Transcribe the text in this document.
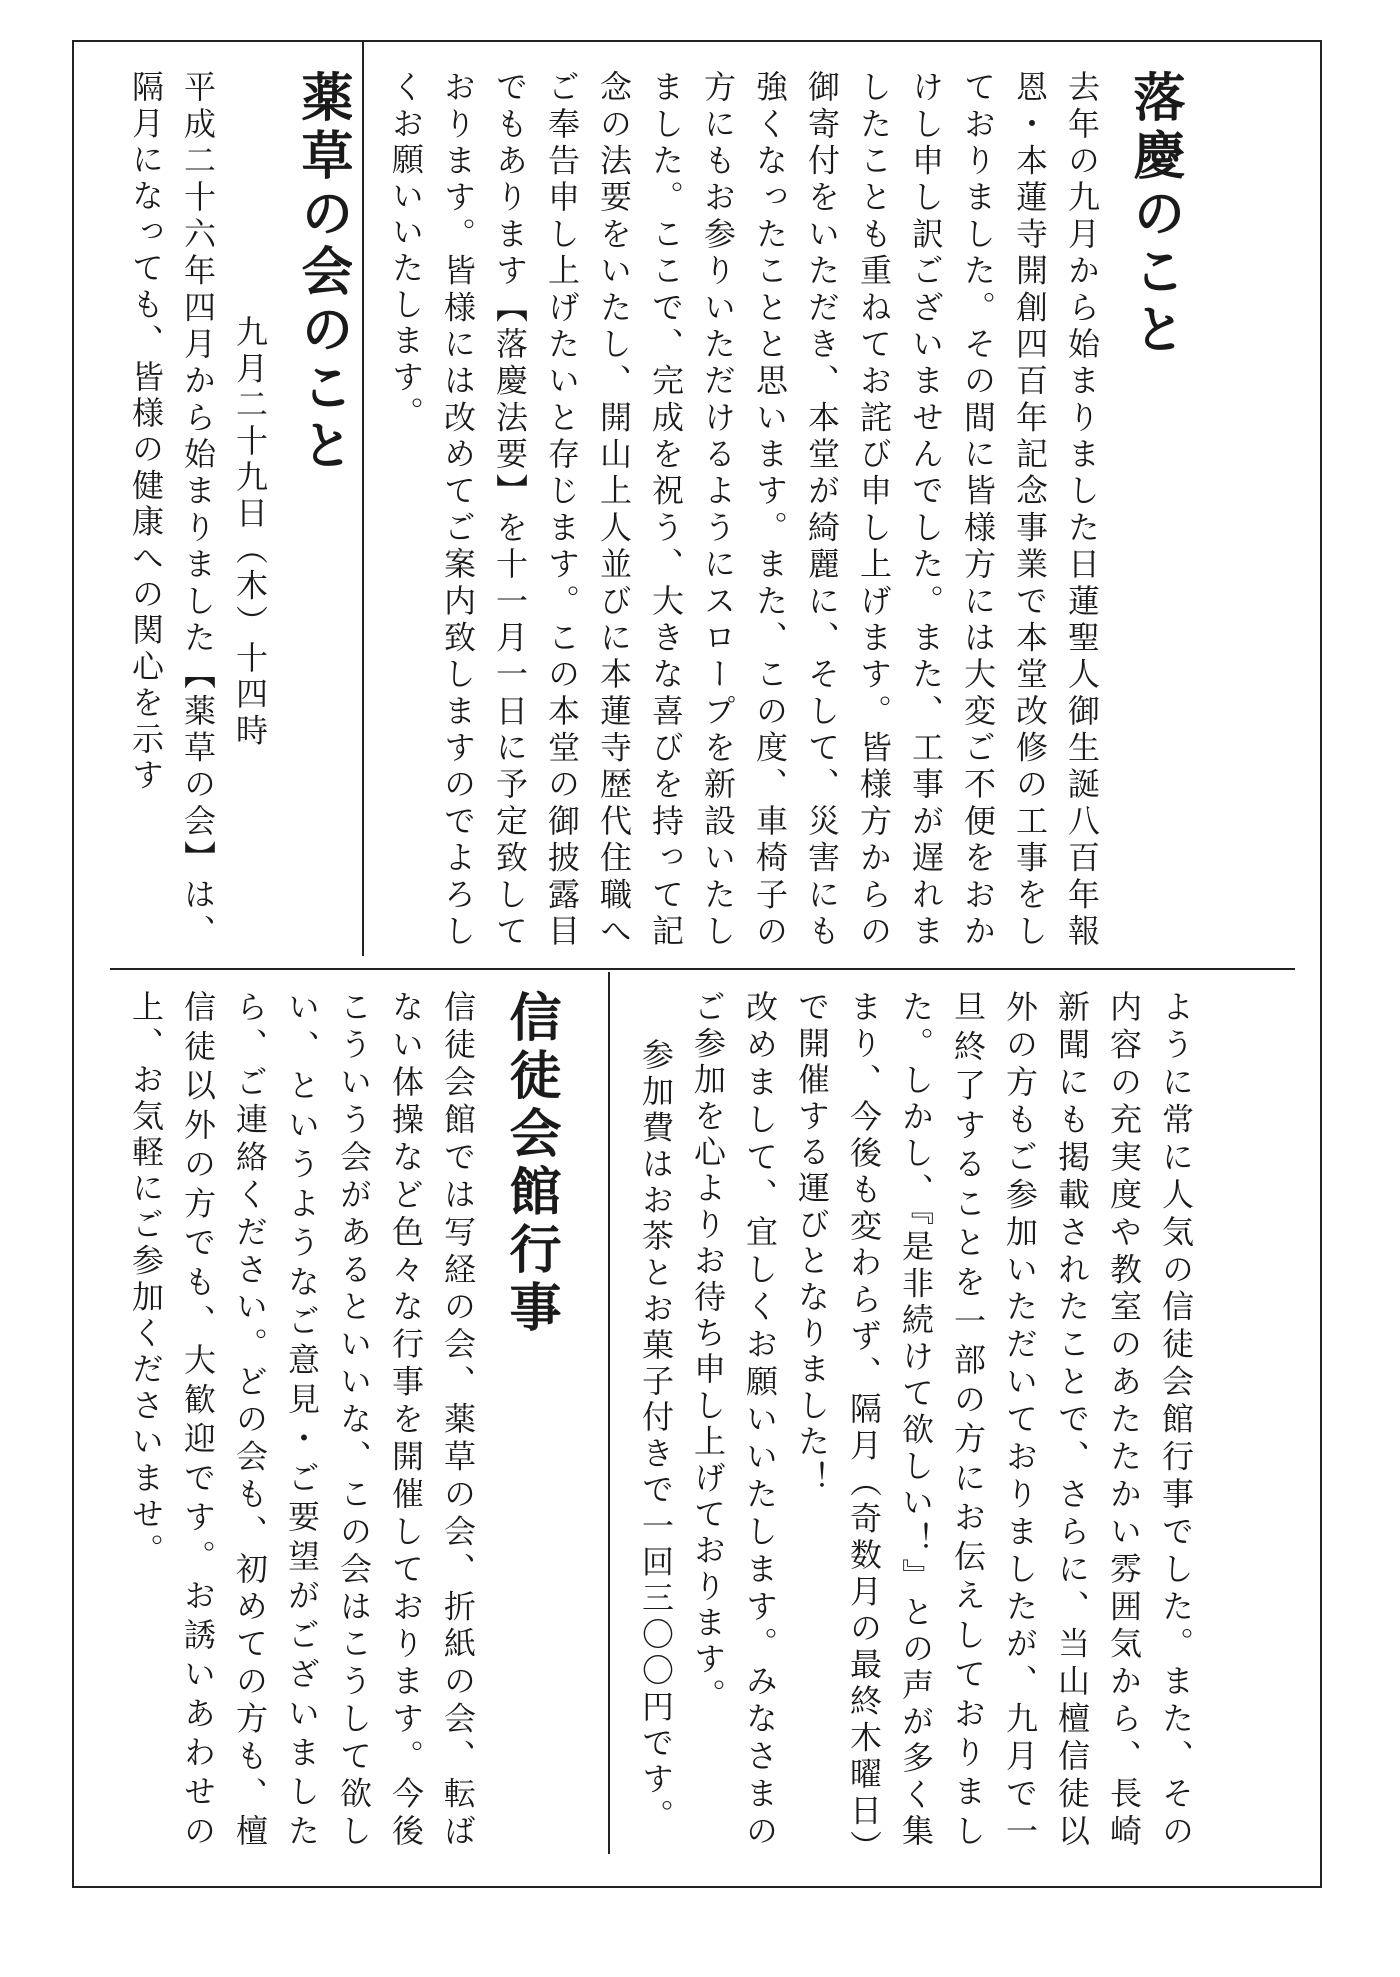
落慶のこと
去年の九月から始まりました日蓮聖人御生誕八百年報恩・本蓮寺開創四百年記念事業で本堂改修の工事をしておりました。その間に皆様方には大変ご不便をおかけし申し訳ございませんでした。また、工事が遅れましたことも重ねてお詫び申し上げます。皆様方からの御寄付をいただき、本堂が綺麗に、そして、災害にも強くなったことと思います。また、この度、車椅子の方にもお参りいただけるようにスロープを新設いたしました。ここで、完成を祝う、大きな喜びを持って記念の法要をいたし、開山上人並びに本蓮寺歴代住職へご奉告申し上げたいと存じます。この本堂の御披露目でもあります【落慶法要】を十一月一日に予定致しております。皆様には改めてご案内致しますのでよろしくお願いいたします。
薬草の会のこと
九月二十九日（木）十四時
平成二十六年四月から始まりました【薬草の会】は、隔月になっても、皆様の健康への関心を示す
ように常に人気の信徒会館行事でした。また、その内容の充実度や教室のあたたかい雰囲気から、長崎新聞にも掲載されたことで、さらに、当山檀信徒以外の方もご参加いただいておりましたが、九月で一旦終了することを一部の方にお伝えしておりました。しかし、『是非続けて欲しい！』との声が多く集まり、今後も変わらず、隔月（奇数月の最終木曜日）で開催する運びとなりました！
改めまして、宜しくお願いいたします。みなさまのご参加を心よりお待ち申し上げております。
参加費はお茶とお菓子付きで一回三〇〇円です。
信徒会館行事
信徒会館では写経の会、薬草の会、折紙の会、転ばない体操など色々な行事を開催しております。今後こういう会があるといいな、この会はこうして欲しい、というようなご意見・ご要望がございましたら、ご連絡ください。どの会も、初めての方も、檀信徒以外の方でも、大歓迎です。お誘いあわせの上、お気軽にご参加くださいませ。
